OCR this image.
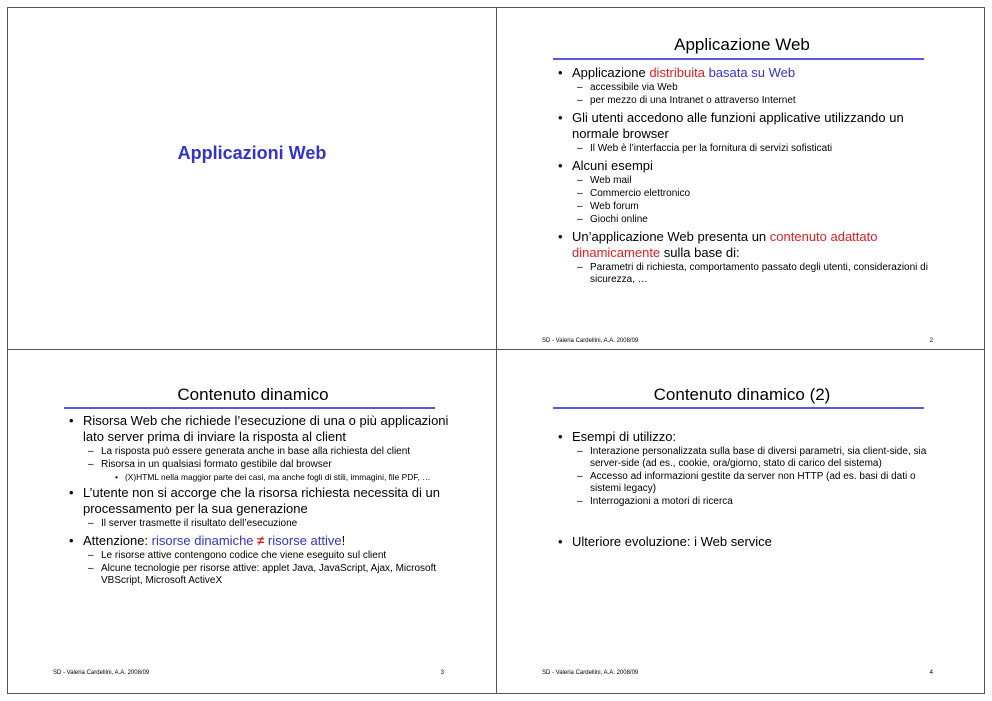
Applicazioni Web
Applicazione Web
• Applicazione distribuita basata su Web
– accessibile via Web
– per mezzo di una Intranet o attraverso Internet
• Gli utenti accedono alle funzioni applicative utilizzando un normale browser
– Il Web è l’interfaccia per la fornitura di servizi sofisticati
• Alcuni esempi
– Web mail
– Commercio elettronico
– Web forum
– Giochi online
• Un’applicazione Web presenta un contenuto adattato dinamicamente sulla base di:
– Parametri di richiesta, comportamento passato degli utenti, considerazioni di sicurezza, …
SD - Valeria Cardellini, A.A. 2008/09	2
Contenuto dinamico
• Risorsa Web che richiede l’esecuzione di una o più applicazioni lato server prima di inviare la risposta al client
– La risposta può essere generata anche in base alla richiesta del client
– Risorsa in un qualsiasi formato gestibile dal browser
• (X)HTML nella maggior parte dei casi, ma anche fogli di stili, immagini, file PDF, …
• L’utente non si accorge che la risorsa richiesta necessita di un processamento per la sua generazione
– Il server trasmette il risultato dell’esecuzione
• Attenzione: risorse dinamiche ≠ risorse attive!
– Le risorse attive contengono codice che viene eseguito sul client
– Alcune tecnologie per risorse attive: applet Java, JavaScript, Ajax, Microsoft VBScript, Microsoft ActiveX
SD - Valeria Cardellini, A.A. 2008/09	3
Contenuto dinamico (2)
• Esempi di utilizzo:
– Interazione personalizzata sulla base di diversi parametri, sia client-side, sia server-side (ad es., cookie, ora/giorno, stato di carico del sistema)
– Accesso ad informazioni gestite da server non HTTP (ad es. basi di dati o sistemi legacy)
– Interrogazioni a motori di ricerca
• Ulteriore evoluzione: i Web service
SD - Valeria Cardellini, A.A. 2008/09	4
